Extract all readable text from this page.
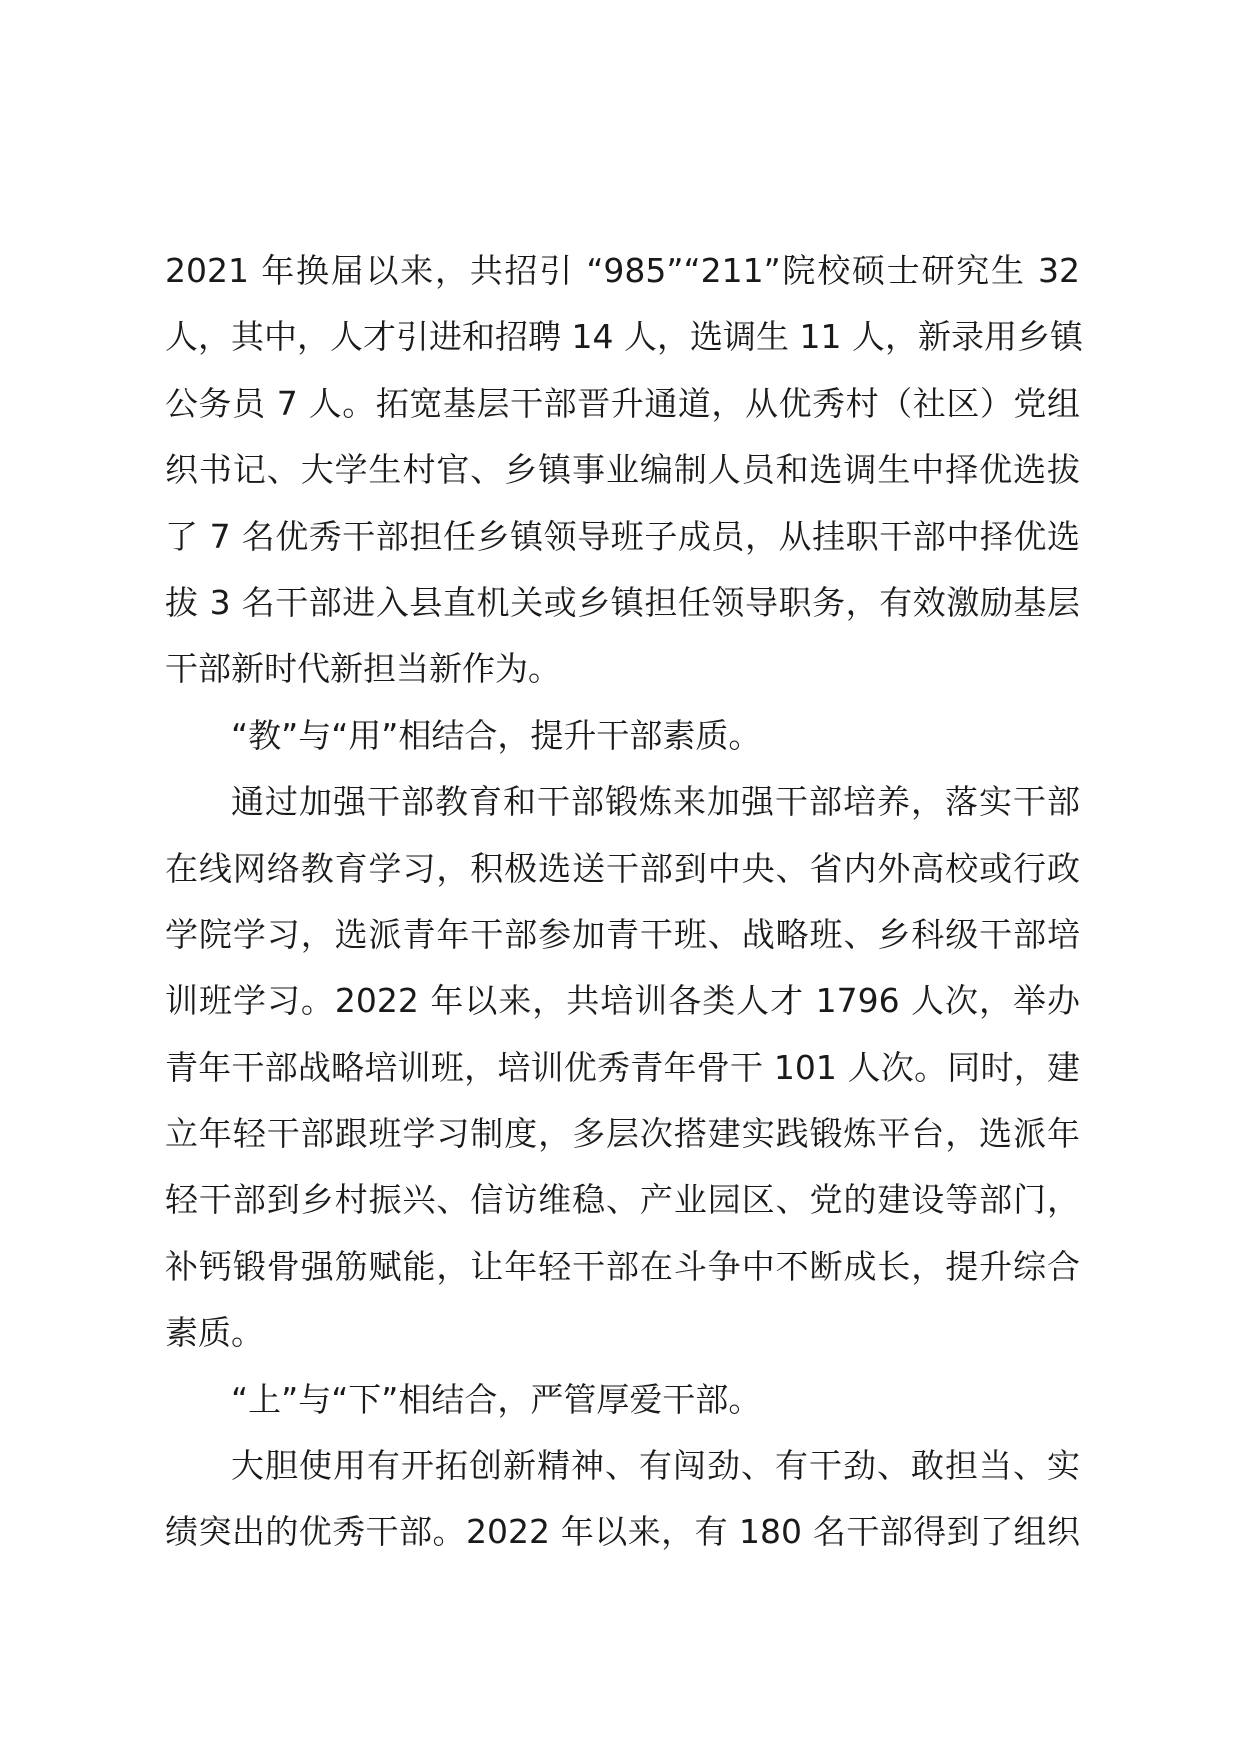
2021 年换届以来，共招引 “985”“211”院校硕士研究生 32
人，其中，人才引进和招聘 14 人，选调生 11 人，新录用乡镇
公务员 7 人。拓宽基层干部晋升通道，从优秀村（社区）党组
织书记、大学生村官、乡镇事业编制人员和选调生中择优选拔
了 7 名优秀干部担任乡镇领导班子成员，从挂职干部中择优选
拔 3 名干部进入县直机关或乡镇担任领导职务，有效激励基层
干部新时代新担当新作为。
“教”与“用”相结合，提升干部素质。
通过加强干部教育和干部锻炼来加强干部培养，落实干部
在线网络教育学习，积极选送干部到中央、省内外高校或行政
学院学习，选派青年干部参加青干班、战略班、乡科级干部培
训班学习。2022 年以来，共培训各类人才 1796 人次，举办
青年干部战略培训班，培训优秀青年骨干 101 人次。同时，建
立年轻干部跟班学习制度，多层次搭建实践锻炼平台，选派年
轻干部到乡村振兴、信访维稳、产业园区、党的建设等部门，
补钙锻骨强筋赋能，让年轻干部在斗争中不断成长，提升综合
素质。
“上”与“下”相结合，严管厚爱干部。
大胆使用有开拓创新精神、有闯劲、有干劲、敢担当、实
绩突出的优秀干部。2022 年以来，有 180 名干部得到了组织
